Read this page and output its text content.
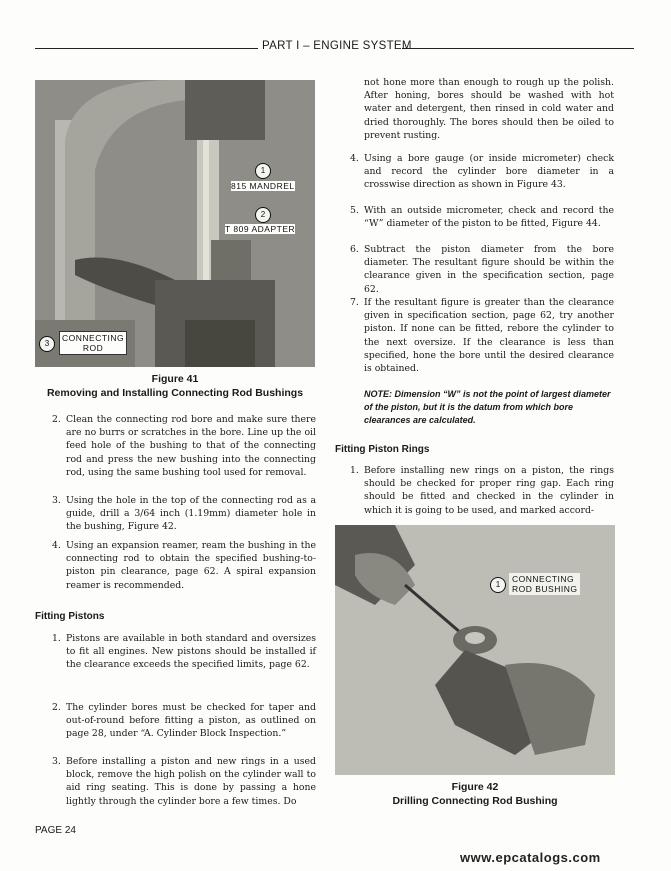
PART I – ENGINE SYSTEM
1
815 MANDREL
2
T 809 ADAPTER
3
CONNECTING
ROD
Figure 41
Removing and Installing Connecting Rod Bushings
2. Clean the connecting rod bore and make sure there are no burrs or scratches in the bore. Line up the oil feed hole of the bushing to that of the connecting rod and press the new bushing into the connecting rod, using the same bushing tool used for removal.
3. Using the hole in the top of the connecting rod as a guide, drill a 3/64 inch (1.19mm) diameter hole in the bushing, Figure 42.
4. Using an expansion reamer, ream the bushing in the connecting rod to obtain the specified bushing-to-piston pin clearance, page 62. A spiral expansion reamer is recommended.
Fitting Pistons
1. Pistons are available in both standard and oversizes to fit all engines. New pistons should be installed if the clearance exceeds the specified limits, page 62.
2. The cylinder bores must be checked for taper and out-of-round before fitting a piston, as outlined on page 28, under “A. Cylinder Block Inspection.”
3. Before installing a piston and new rings in a used block, remove the high polish on the cylinder wall to aid ring seating. This is done by passing a hone lightly through the cylinder bore a few times. Do
not hone more than enough to rough up the polish. After honing, bores should be washed with hot water and detergent, then rinsed in cold water and dried thoroughly. The bores should then be oiled to prevent rusting.
4. Using a bore gauge (or inside micrometer) check and record the cylinder bore diameter in a crosswise direction as shown in Figure 43.
5. With an outside micrometer, check and record the “W” diameter of the piston to be fitted, Figure 44.
6. Subtract the piston diameter from the bore diameter. The resultant figure should be within the clearance given in the specification section, page 62.
7. If the resultant figure is greater than the clearance given in specification section, page 62, try another piston. If none can be fitted, rebore the cylinder to the next oversize. If the clearance is less than specified, hone the bore until the desired clearance is obtained.
NOTE: Dimension “W” is not the point of largest diameter of the piston, but it is the datum from which bore clearances are calculated.
Fitting Piston Rings
1. Before installing new rings on a piston, the rings should be checked for proper ring gap. Each ring should be fitted and checked in the cylinder in which it is going to be used, and marked accord-
1
CONNECTING
ROD BUSHING
Figure 42
Drilling Connecting Rod Bushing
PAGE 24
www.epcatalogs.com
